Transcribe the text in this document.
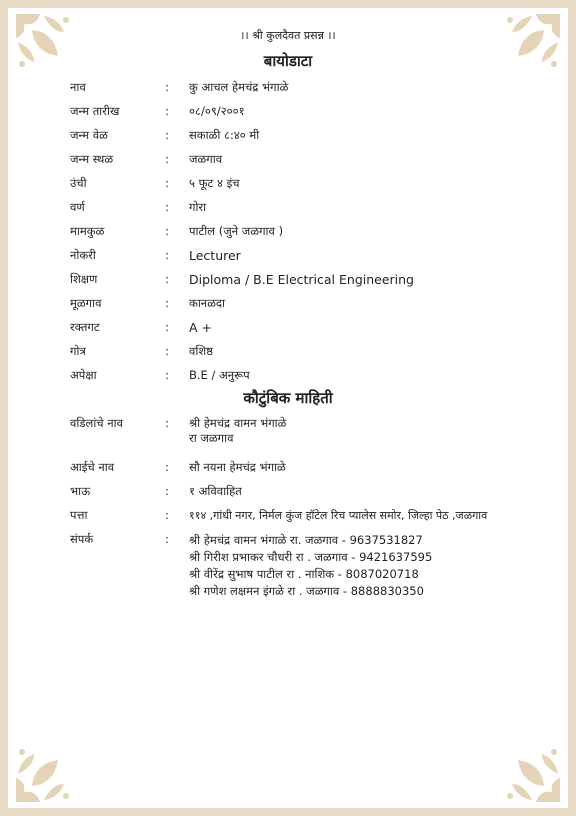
।। श्री कुलदैवत प्रसन्न ।।
बायोडाटा
नाव	:	कु आचल हेमचंद्र भंगाळे
जन्म तारीख	:	०८/०९/२००१
जन्म वेळ	:	सकाळी ८:४० मी
जन्म स्थळ	:	जळगाव
उंची	:	५ फूट ४ इंच
वर्ण	:	गोरा
मामकुळ	:	पाटील (जुने जळगाव )
नोकरी	:	Lecturer
शिक्षण	:	Diploma / B.E Electrical Engineering
मूळगाव	:	कानळदा
रक्तगट	:	A +
गोत्र	:	वशिष्ठ
अपेक्षा	:	B.E / अनुरूप
कौटुंबिक माहिती
वडिलांचे नाव	:	श्री हेमचंद्र वामन भंगाळे
रा जळगाव
आईचे नाव	:	सौ नयना हेमचंद्र भंगाळे
भाऊ	:	१ अविवाहित
पत्ता	:	११४ ,गांधी नगर, निर्मल कुंज हॉटेल रिच प्यालेस समोर, जिल्हा पेठ ,जळगाव
संपर्क	:	श्री हेमचंद्र वामन भंगाळे रा. जळगाव - 9637531827
श्री गिरीश प्रभाकर चौधरी रा . जळगाव - 9421637595
श्री वीरेंद्र सुभाष पाटील रा . नाशिक - 8087020718
श्री गणेश लक्षमन इंगळे रा . जळगाव - 8888830350
